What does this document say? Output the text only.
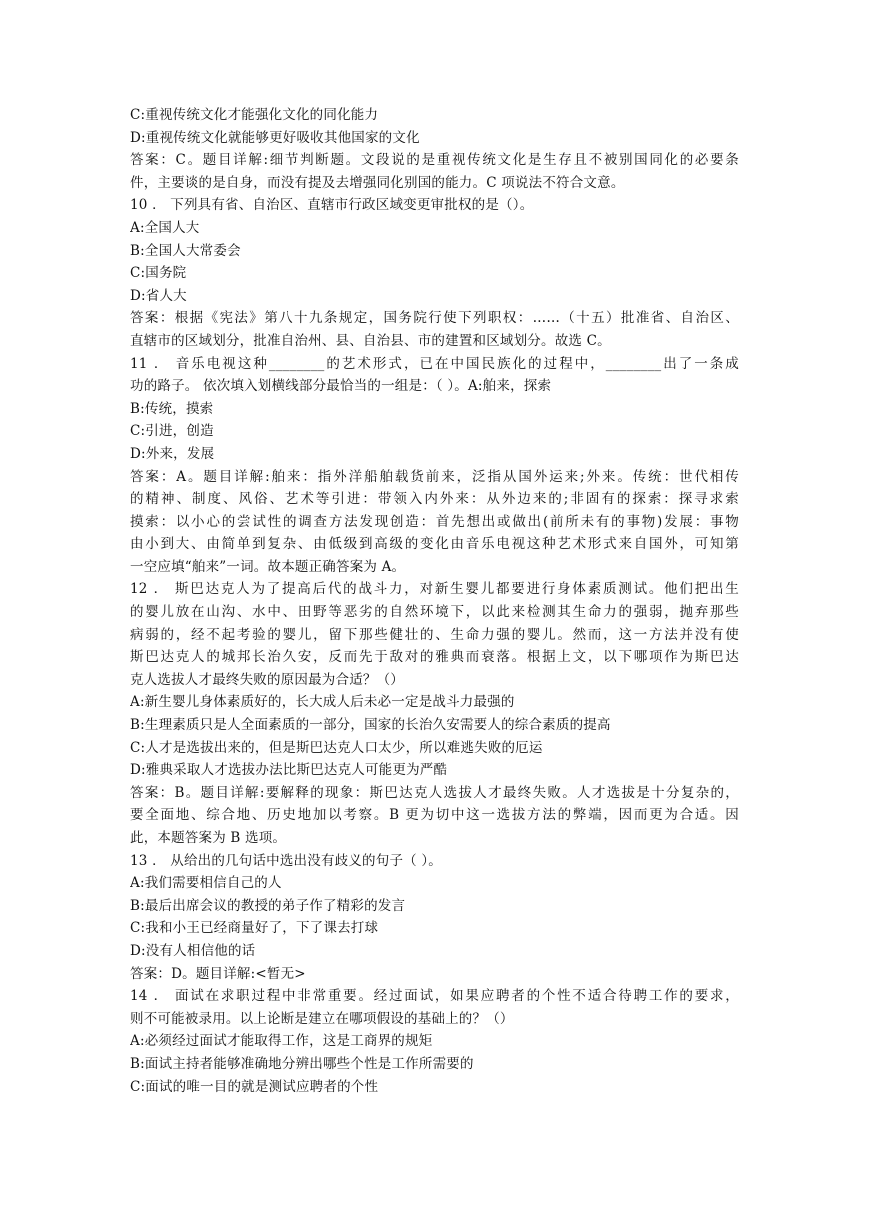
C:重视传统文化才能强化文化的同化能力
D:重视传统文化就能够更好吸收其他国家的文化
答案：C。题目详解:细节判断题。文段说的是重视传统文化是生存且不被别国同化的必要条
件，主要谈的是自身，而没有提及去增强同化别国的能力。C 项说法不符合文意。
10 ． 下列具有省、自治区、直辖市行政区域变更审批权的是（）。
A:全国人大
B:全国人大常委会
C:国务院
D:省人大
答案：根据《宪法》第八十九条规定，国务院行使下列职权：……（十五）批准省、自治区、
直辖市的区域划分，批准自治州、县、自治县、市的建置和区域划分。故选 C。
11 ． 音乐电视这种________的艺术形式，已在中国民族化的过程中，________出了一条成
功的路子。 依次填入划横线部分最恰当的一组是：（ ）。A:舶来，探索
B:传统，摸索
C:引进，创造
D:外来，发展
答案：A。题目详解:舶来：指外洋船舶载货前来，泛指从国外运来;外来。传统：世代相传
的精神、制度、风俗、艺术等引进：带领入内外来：从外边来的;非固有的探索：探寻求索
摸索：以小心的尝试性的调查方法发现创造：首先想出或做出(前所未有的事物)发展：事物
由小到大、由简单到复杂、由低级到高级的变化由音乐电视这种艺术形式来自国外，可知第
一空应填“舶来”一词。故本题正确答案为 A。
12 ． 斯巴达克人为了提高后代的战斗力，对新生婴儿都要进行身体素质测试。他们把出生
的婴儿放在山沟、水中、田野等恶劣的自然环境下，以此来检测其生命力的强弱，抛弃那些
病弱的，经不起考验的婴儿，留下那些健壮的、生命力强的婴儿。然而，这一方法并没有使
斯巴达克人的城邦长治久安，反而先于敌对的雅典而衰落。根据上文，以下哪项作为斯巴达
克人选拔人才最终失败的原因最为合适？（）
A:新生婴儿身体素质好的，长大成人后未必一定是战斗力最强的
B:生理素质只是人全面素质的一部分，国家的长治久安需要人的综合素质的提高
C:人才是选拔出来的，但是斯巴达克人口太少，所以难逃失败的厄运
D:雅典采取人才选拔办法比斯巴达克人可能更为严酷
答案：B。题目详解:要解释的现象：斯巴达克人选拔人才最终失败。人才选拔是十分复杂的，
要全面地、综合地、历史地加以考察。B 更为切中这一选拔方法的弊端，因而更为合适。因
此，本题答案为 B 选项。
13 ． 从给出的几句话中选出没有歧义的句子（ ）。
A:我们需要相信自己的人
B:最后出席会议的教授的弟子作了精彩的发言
C:我和小王已经商量好了，下了课去打球
D:没有人相信他的话
答案：D。题目详解:<暂无>
14 ． 面试在求职过程中非常重要。经过面试，如果应聘者的个性不适合待聘工作的要求，
则不可能被录用。以上论断是建立在哪项假设的基础上的？（）
A:必须经过面试才能取得工作，这是工商界的规矩
B:面试主持者能够准确地分辨出哪些个性是工作所需要的
C:面试的唯一目的就是测试应聘者的个性
